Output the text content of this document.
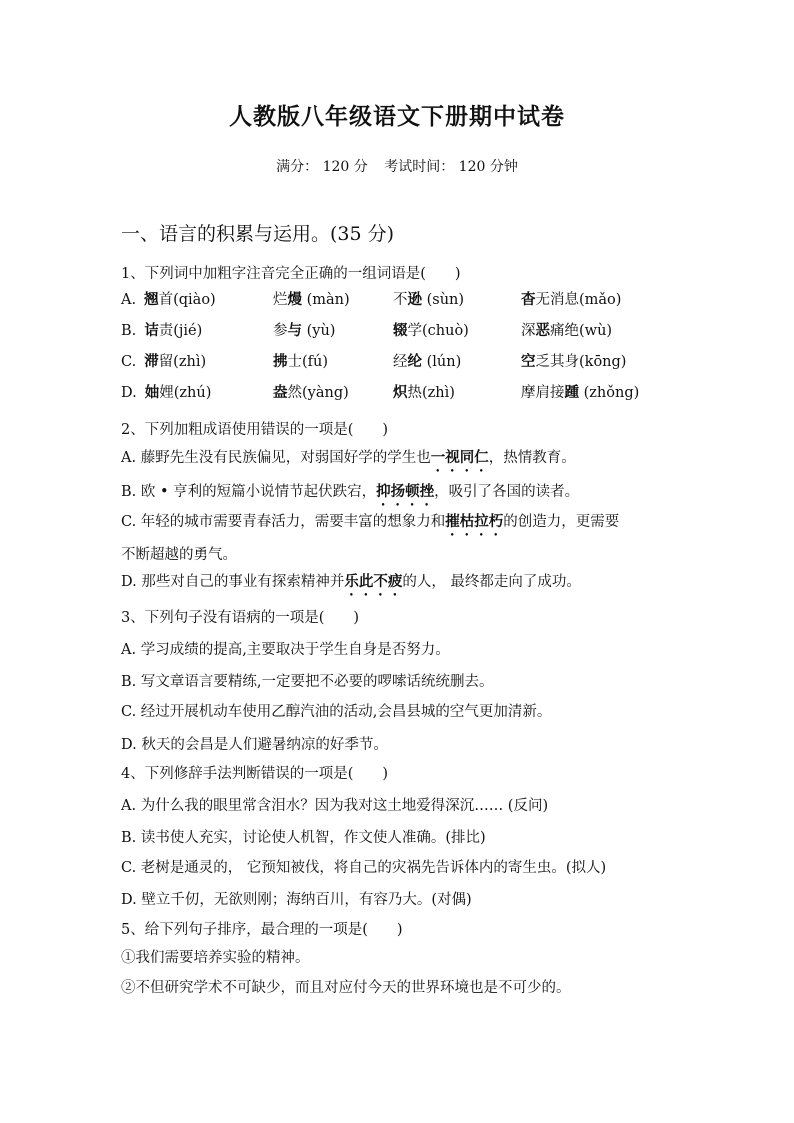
人教版八年级语文下册期中试卷
满分： 120 分 考试时间： 120 分钟
一、语言的积累与运用。(35 分)
1、下列词中加粗字注音完全正确的一组词语是(　　)
A. 翘首(qiào)	烂熳 (màn)	不逊 (sùn)	杳无消息(mǎo)
B. 诘责(jié)	参与 (yù)	辍学(chuò)	深恶痛绝(wù)
C. 滞留(zhì)	拂士(fú)	经纶 (lún)	空乏其身(kōng)
D. 妯娌(zhú)	盎然(yàng)	炽热(zhì)	摩肩接踵 (zhǒng)
2、下列加粗成语使用错误的一项是(　　)
A. 藤野先生没有民族偏见，对弱国好学的学生也一视同仁，热情教育。
B. 欧 • 亨利的短篇小说情节起伏跌宕，抑扬顿挫，吸引了各国的读者。
C. 年轻的城市需要青春活力，需要丰富的想象力和摧枯拉朽的创造力，更需要
不断超越的勇气。
D. 那些对自己的事业有探索精神并乐此不疲的人， 最终都走向了成功。
3、下列句子没有语病的一项是(　　)
A. 学习成绩的提高,主要取决于学生自身是否努力。
B. 写文章语言要精练,一定要把不必要的啰嗦话统统删去。
C. 经过开展机动车使用乙醇汽油的活动,会昌县城的空气更加清新。
D. 秋天的会昌是人们避暑纳凉的好季节。
4、下列修辞手法判断错误的一项是(　　)
A. 为什么我的眼里常含泪水？因为我对这土地爱得深沉…… (反问)
B. 读书使人充实，讨论使人机智，作文使人准确。(排比)
C. 老树是通灵的， 它预知被伐，将自己的灾祸先告诉体内的寄生虫。(拟人)
D. 壁立千仞，无欲则刚；海纳百川，有容乃大。(对偶)
5、给下列句子排序，最合理的一项是(　　)
①我们需要培养实验的精神。
②不但研究学术不可缺少，而且对应付今天的世界环境也是不可少的。
